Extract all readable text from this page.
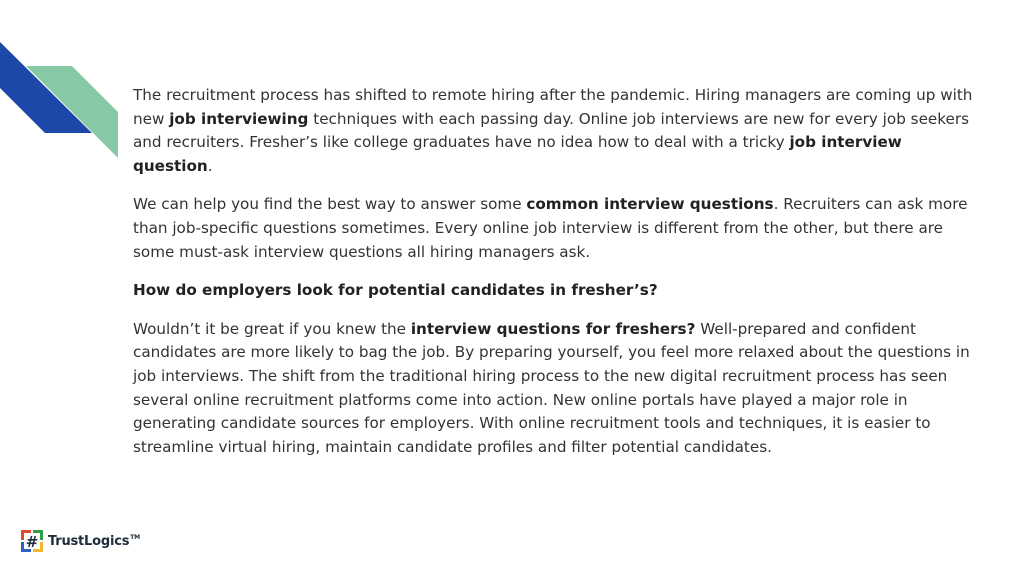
The recruitment process has shifted to remote hiring after the pandemic. Hiring managers are coming up with new job interviewing techniques with each passing day. Online job interviews are new for every job seekers and recruiters. Fresher’s like college graduates have no idea how to deal with a tricky job interview question.

We can help you find the best way to answer some common interview questions. Recruiters can ask more than job-specific questions sometimes. Every online job interview is different from the other, but there are some must-ask interview questions all hiring managers ask.

How do employers look for potential candidates in fresher’s?

Wouldn’t it be great if you knew the interview questions for freshers? Well-prepared and confident candidates are more likely to bag the job. By preparing yourself, you feel more relaxed about the questions in job interviews. The shift from the traditional hiring process to the new digital recruitment process has seen several online recruitment platforms come into action. New online portals have played a major role in generating candidate sources for employers. With online recruitment tools and techniques, it is easier to streamline virtual hiring, maintain candidate profiles and filter potential candidates.

# TrustLogics™
